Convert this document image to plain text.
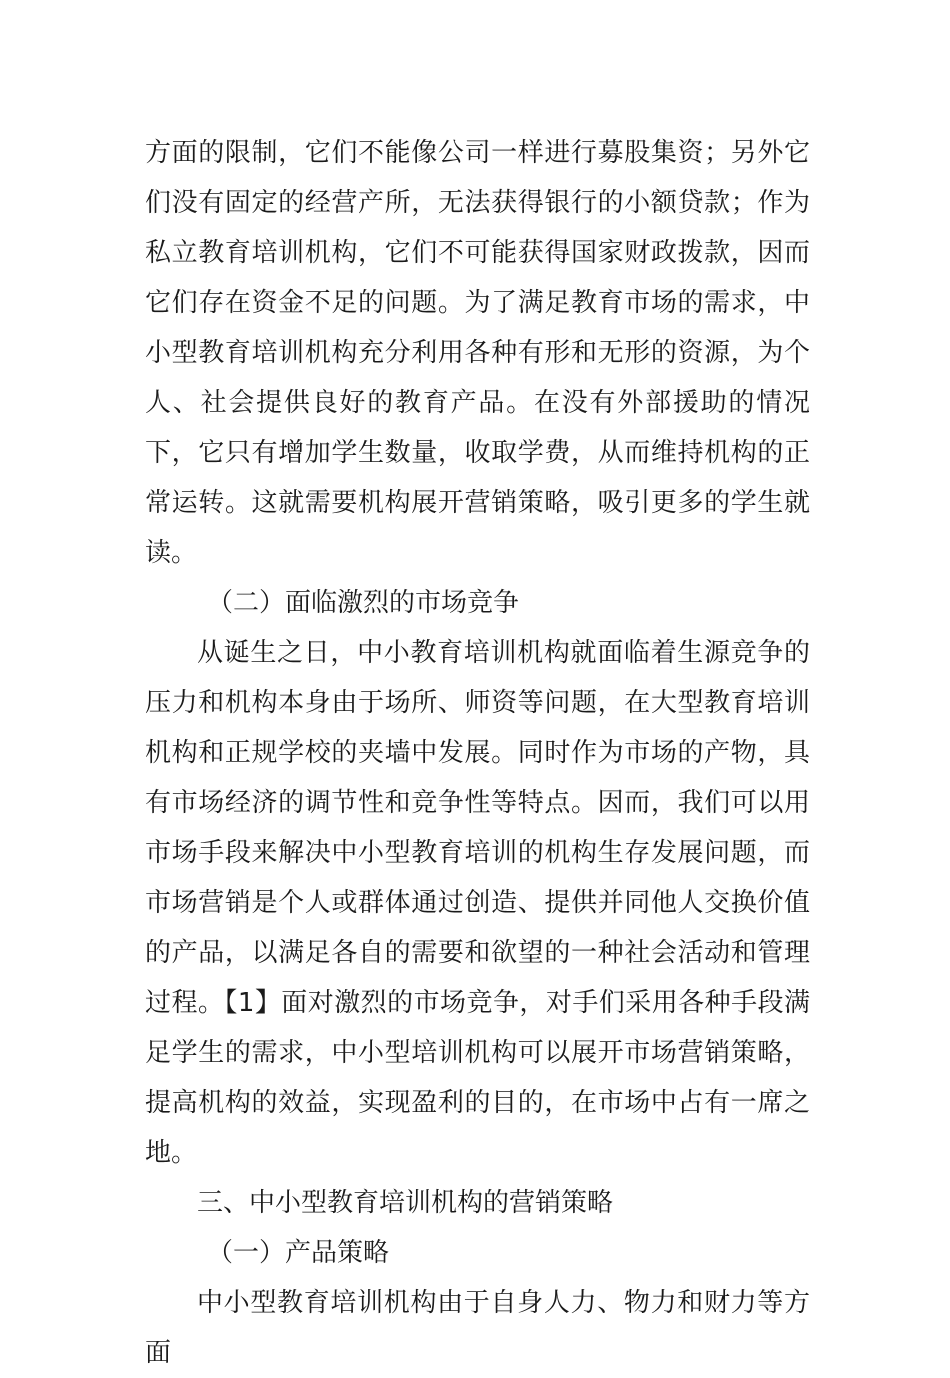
方面的限制，它们不能像公司一样进行募股集资；另外它们没有固定的经营产所，无法获得银行的小额贷款；作为私立教育培训机构，它们不可能获得国家财政拨款，因而它们存在资金不足的问题。为了满足教育市场的需求，中小型教育培训机构充分利用各种有形和无形的资源，为个人、社会提供良好的教育产品。在没有外部援助的情况下，它只有增加学生数量，收取学费，从而维持机构的正常运转。这就需要机构展开营销策略，吸引更多的学生就读。

（二）面临激烈的市场竞争

从诞生之日，中小教育培训机构就面临着生源竞争的压力和机构本身由于场所、师资等问题，在大型教育培训机构和正规学校的夹墙中发展。同时作为市场的产物，具有市场经济的调节性和竞争性等特点。因而，我们可以用市场手段来解决中小型教育培训的机构生存发展问题，而市场营销是个人或群体通过创造、提供并同他人交换价值的产品，以满足各自的需要和欲望的一种社会活动和管理过程。【1】面对激烈的市场竞争，对手们采用各种手段满足学生的需求，中小型培训机构可以展开市场营销策略，提高机构的效益，实现盈利的目的，在市场中占有一席之地。

三、中小型教育培训机构的营销策略

（一）产品策略

中小型教育培训机构由于自身人力、物力和财力等方面
